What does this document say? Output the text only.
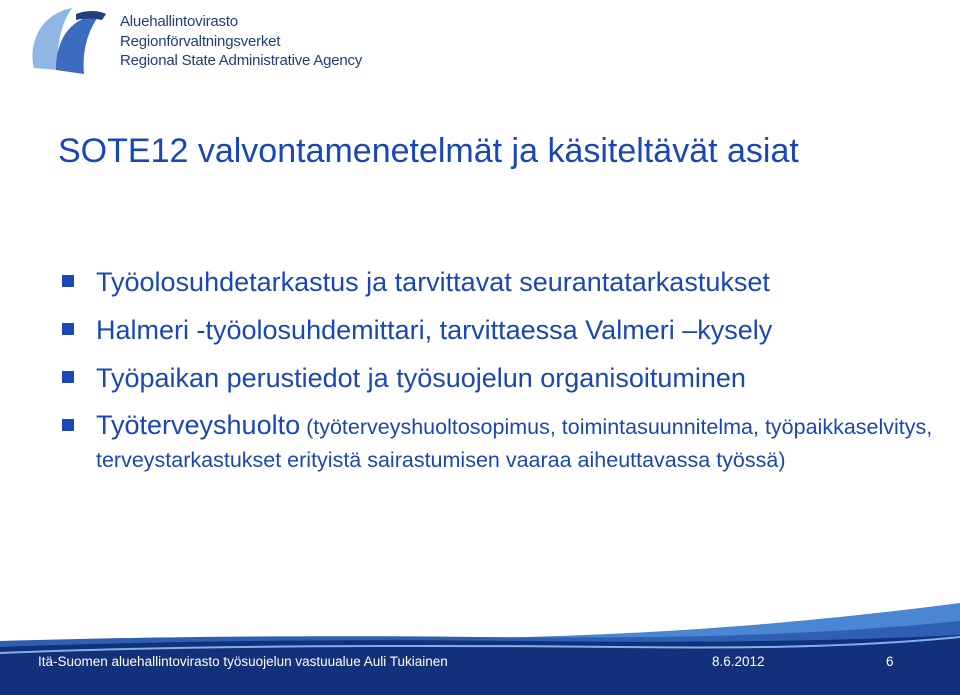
Aluehallintovirasto
Regionförvaltningsverket
Regional State Administrative Agency
SOTE12 valvontamenetelmät ja käsiteltävät asiat
Työolosuhdetarkastus ja tarvittavat seurantatarkastukset
Halmeri -työolosuhdemittari, tarvittaessa Valmeri –kysely
Työpaikan perustiedot ja työsuojelun organisoituminen
Työterveyshuolto (työterveyshuoltosopimus, toimintasuunnitelma, työpaikkaselvitys, terveystarkastukset erityistä sairastumisen vaaraa aiheuttavassa työssä)
Itä-Suomen aluehallintovirasto työsuojelun vastuualue Auli Tukiainen	8.6.2012	6
